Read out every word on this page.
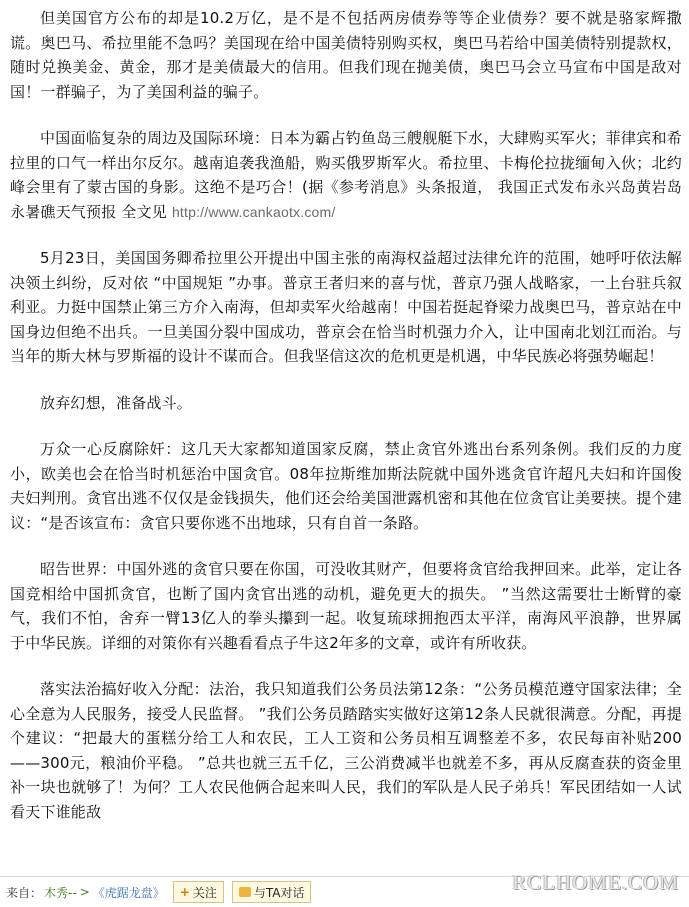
但美国官方公布的却是10.2万亿，是不是不包括两房债券等等企业债券？要不就是骆家辉撒谎。奥巴马、希拉里能不急吗？美国现在给中国美债特别购买权，奥巴马若给中国美债特别提款权，随时兑换美金、黄金，那才是美债最大的信用。但我们现在抛美债，奥巴马会立马宣布中国是敌对国！一群骗子，为了美国利益的骗子。

中国面临复杂的周边及国际环境：日本为霸占钓鱼岛三艘舰艇下水，大肆购买军火；菲律宾和希拉里的口气一样出尔反尔。越南追袭我渔船，购买俄罗斯军火。希拉里、卡梅伦拉拢缅甸入伙；北约峰会里有了蒙古国的身影。这绝不是巧合！(据《参考消息》头条报道， 我国正式发布永兴岛黄岩岛永暑礁天气预报 全文见 http://www.cankaotx.com/

5月23日，美国国务卿希拉里公开提出中国主张的南海权益超过法律允许的范围，她呼吁依法解决领土纠纷，反对依 “中国规矩 ”办事。普京王者归来的喜与忧，普京乃强人战略家，一上台驻兵叙利亚。力挺中国禁止第三方介入南海，但却卖军火给越南！中国若挺起脊梁力战奥巴马，普京站在中国身边但绝不出兵。一旦美国分裂中国成功，普京会在恰当时机强力介入，让中国南北划江而治。与当年的斯大林与罗斯福的设计不谋而合。但我坚信这次的危机更是机遇，中华民族必将强势崛起！

放弃幻想，准备战斗。

万众一心反腐除奸：这几天大家都知道国家反腐，禁止贪官外逃出台系列条例。我们反的力度小，欧美也会在恰当时机惩治中国贪官。08年拉斯维加斯法院就中国外逃贪官许超凡夫妇和许国俊夫妇判刑。贪官出逃不仅仅是金钱损失，他们还会给美国泄露机密和其他在位贪官让美要挟。提个建议：“是否该宣布：贪官只要你逃不出地球，只有自首一条路。

昭告世界：中国外逃的贪官只要在你国，可没收其财产，但要将贪官给我押回来。此举，定让各国竞相给中国抓贪官，也断了国内贪官出逃的动机，避免更大的损失。 ”当然这需要壮士断臂的豪气，我们不怕，舍弃一臂13亿人的拳头攥到一起。收复琉球拥抱西太平洋，南海风平浪静，世界属于中华民族。详细的对策你有兴趣看看点子牛这2年多的文章，或许有所收获。

落实法治搞好收入分配：法治，我只知道我们公务员法第12条：“公务员模范遵守国家法律；全心全意为人民服务，接受人民监督。 ”我们公务员踏踏实实做好这第12条人民就很满意。分配，再提个建议：“把最大的蛋糕分给工人和农民，工人工资和公务员相互调整差不多，农民每亩补贴200——300元，粮油价平稳。 ”总共也就三五千亿，三公消费减半也就差不多，再从反腐查获的资金里补一块也就够了！为何？工人农民他俩合起来叫人民，我们的军队是人民子弟兵！军民团结如一人试看天下谁能敌

来自： 木秀-- > 《虎踞龙盘》 + 关注	与TA对话	RCLHOME.COM
